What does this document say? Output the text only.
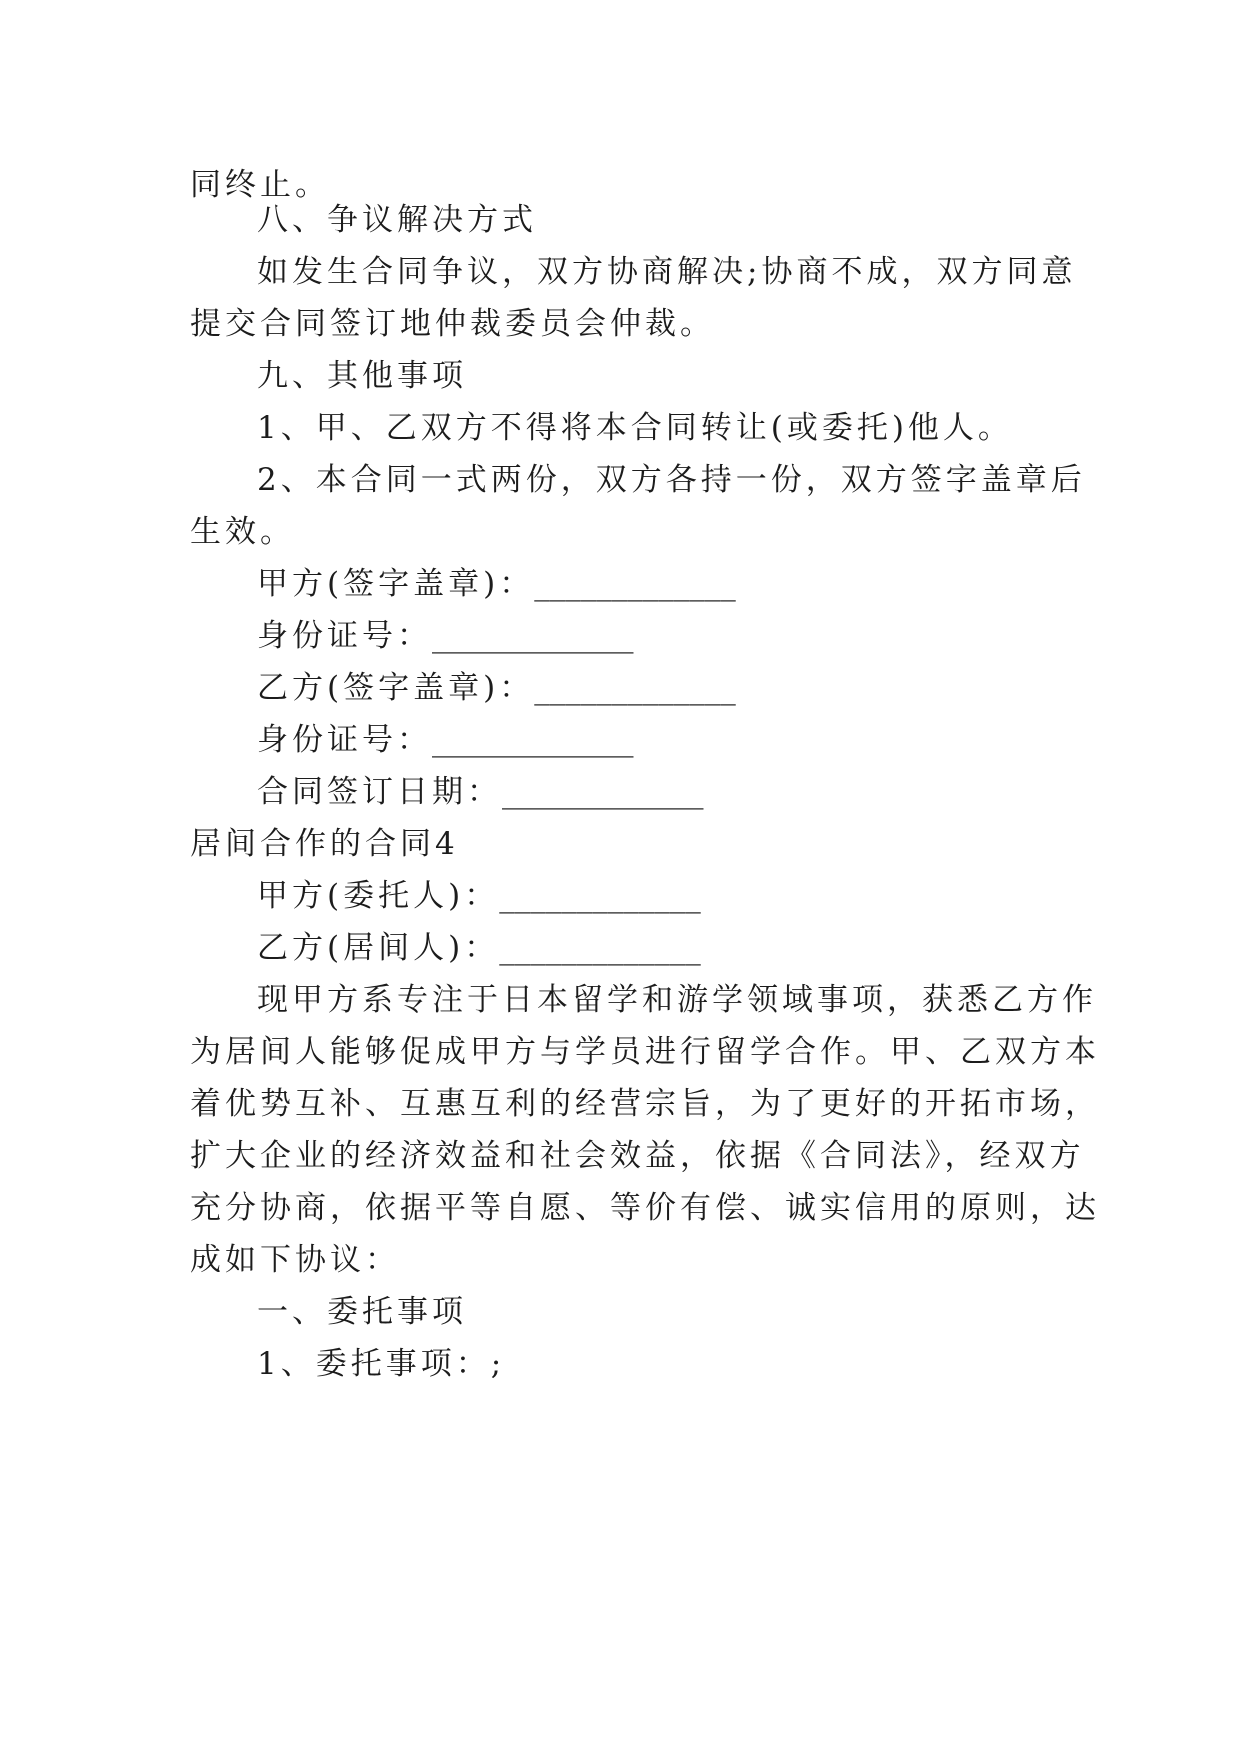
同终止。
八、争议解决方式
如发生合同争议，双方协商解决;协商不成，双方同意
提交合同签订地仲裁委员会仲裁。
九、其他事项
1、甲、乙双方不得将本合同转让(或委托)他人。
2、本合同一式两份，双方各持一份，双方签字盖章后
生效。
甲方(签字盖章)：_____________
身份证号：_____________
乙方(签字盖章)：_____________
身份证号：_____________
合同签订日期：_____________
居间合作的合同4
甲方(委托人)：_____________
乙方(居间人)：_____________
现甲方系专注于日本留学和游学领域事项，获悉乙方作
为居间人能够促成甲方与学员进行留学合作。甲、乙双方本
着优势互补、互惠互利的经营宗旨，为了更好的开拓市场，
扩大企业的经济效益和社会效益，依据《合同法》，经双方
充分协商，依据平等自愿、等价有偿、诚实信用的原则，达
成如下协议：
一、委托事项
1、委托事项：;
